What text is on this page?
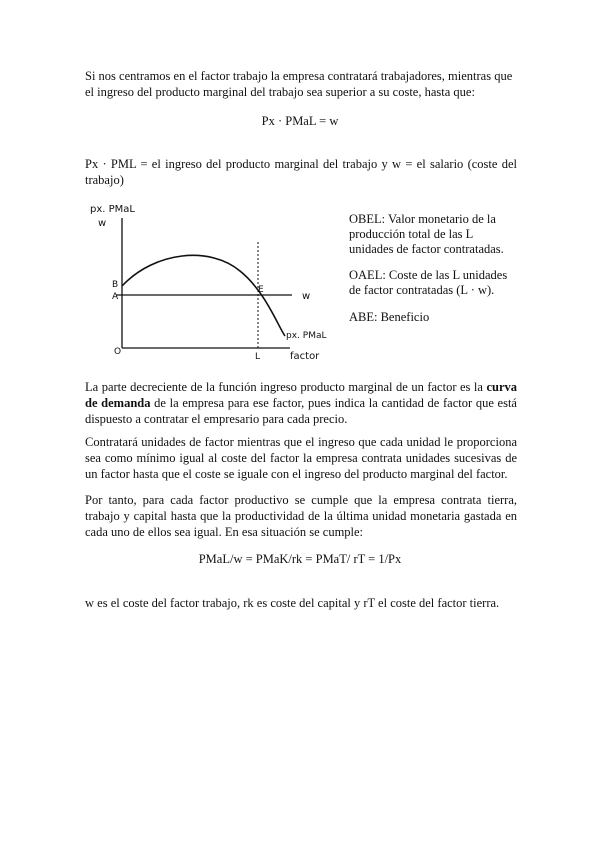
Si nos centramos en el factor trabajo la empresa contratará trabajadores, mientras que el ingreso del producto marginal del trabajo sea superior a su coste, hasta que:
Px · PMaL = w
Px · PML = el ingreso del producto marginal del trabajo y w = el salario (coste del trabajo)
px. PMaL
w
B
A
E
w
px. PMaL
O	L	factor
OBEL: Valor monetario de la producción total de las L unidades de factor contratadas.
OAEL: Coste de las L unidades de factor contratadas (L · w).
ABE: Beneficio
La parte decreciente de la función ingreso producto marginal de un factor es la curva de demanda de la empresa para ese factor, pues indica la cantidad de factor que está dispuesto a contratar el empresario para cada precio.
Contratará unidades de factor mientras que el ingreso que cada unidad le proporciona sea como mínimo igual al coste del factor la empresa contrata unidades sucesivas de un factor hasta que el coste se iguale con el ingreso del producto marginal del factor.
Por tanto, para cada factor productivo se cumple que la empresa contrata tierra, trabajo y capital hasta que la productividad de la última unidad monetaria gastada en cada uno de ellos sea igual. En esa situación se cumple:
PMaL/w = PMaK/rk = PMaT/ rT = 1/Px
w es el coste del factor trabajo, rk es coste del capital y rT el coste del factor tierra.
